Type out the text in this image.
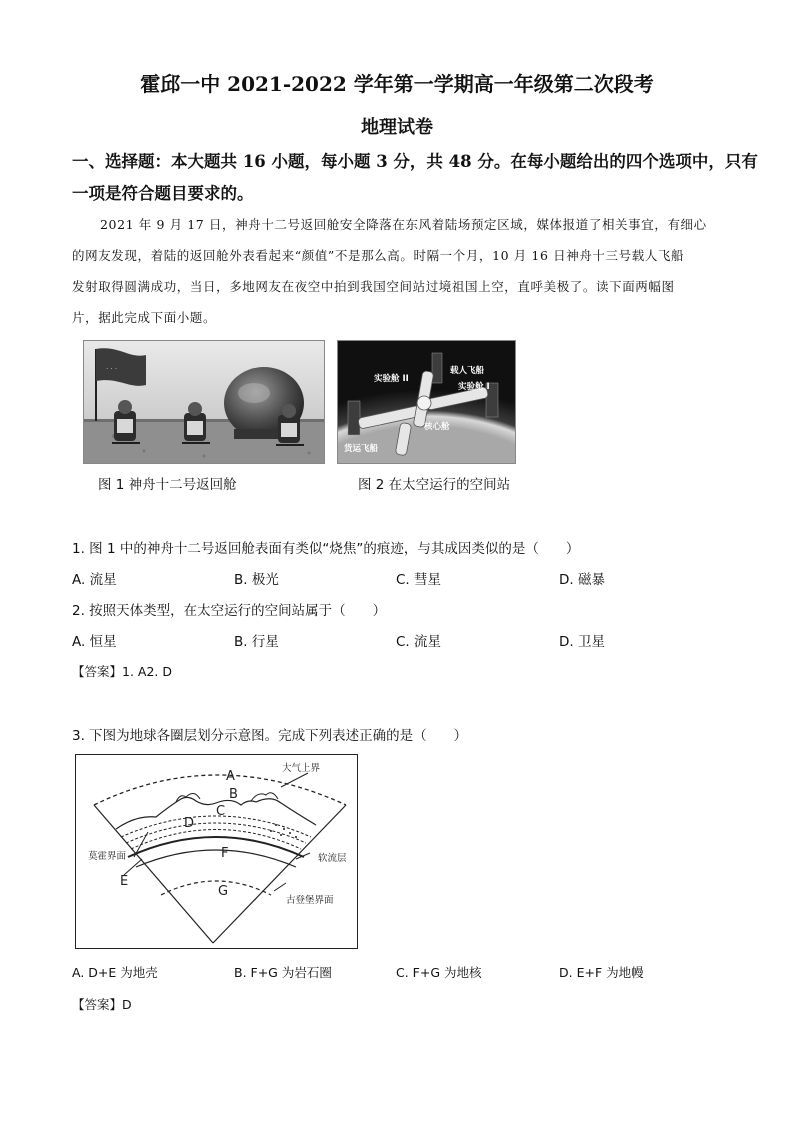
霍邱一中 2021-2022 学年第一学期高一年级第二次段考
地理试卷
一、选择题：本大题共 16 小题，每小题 3 分，共 48 分。在每小题给出的四个选项中，只有
一项是符合题目要求的。
2021 年 9 月 17 日，神舟十二号返回舱安全降落在东风着陆场预定区域，媒体报道了相关事宜，有细心
的网友发现，着陆的返回舱外表看起来“颜值”不是那么高。时隔一个月，10 月 16 日神舟十三号载人飞船
发射取得圆满成功，当日，多地网友在夜空中拍到我国空间站过境祖国上空，直呼美极了。读下面两幅图
片，据此完成下面小题。
· · ·
图 1 神舟十二号返回舱
实验舱 II
载人飞船
实验舱 I
核心舱
货运飞船
图 2 在太空运行的空间站
1. 图 1 中的神舟十二号返回舱表面有类似“烧焦”的痕迹，与其成因类似的是（　　）
A. 流星	B. 极光	C. 彗星	D. 磁暴
2. 按照天体类型，在太空运行的空间站属于（　　）
A. 恒星	B. 行星	C. 流星	D. 卫星
【答案】1. A2. D
3. 下图为地球各圈层划分示意图。完成下列表述正确的是（　　）
A
B
C
D
E
F
G
大气上界
莫霍界面	软流层
古登堡界面
A. D+E 为地壳	B. F+G 为岩石圈	C. F+G 为地核	D. E+F 为地幔
【答案】D
